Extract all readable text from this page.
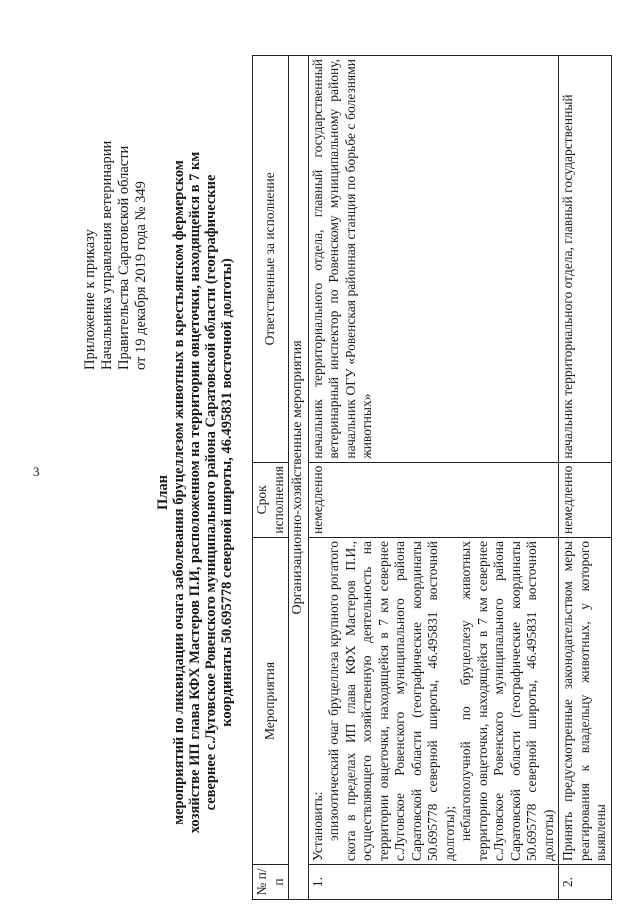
3
Приложение к приказу Начальника управления ветеринарии Правительства Саратовской области от 19 декабря 2019 года № 349
План мероприятий по ликвидации очага заболевания бруцеллезом животных в крестьянском фермерском хозяйстве ИП глава КФХ Мастеров П.И, расположенном на территории овцеточки, находящейся в 7 км севернее с.Луговское Ровенского муниципального района Саратовской области (географические координаты 50.695778 северной широты, 46.495831 восточной долготы)
№ п/п	Мероприятия	Срок исполнения	Ответственные за исполнение
Организационно-хозяйственные мероприятия			
1.	Установить: эпизоотический очаг бруцеллеза крупного рогатого скота в пределах ИП глава КФХ Мастеров П.И., осуществляющего хозяйственную деятельность на территории овцеточки, находящейся в 7 км севернее с.Луговское Ровенского муниципального района Саратовской области (географические координаты 50.695778 северной широты, 46.495831 восточной долготы); неблагополучной по бруцеллезу животных территорию овцеточки, находящейся в 7 км севернее с.Луговское Ровенского муниципального района Саратовской области (географические координаты 50.695778 северной широты, 46.495831 восточной долготы)	немедленно	начальник территориального отдела, главный государственный ветеринарный инспектор по Ровенскому муниципальному району, начальник ОГУ «Ровенская районная станция по борьбе с болезнями животных»
2.	Принять предусмотренные законодательством меры реагирования к владельцу животных, у которого выявлены	немедленно	начальник территориального отдела, главный государственный
